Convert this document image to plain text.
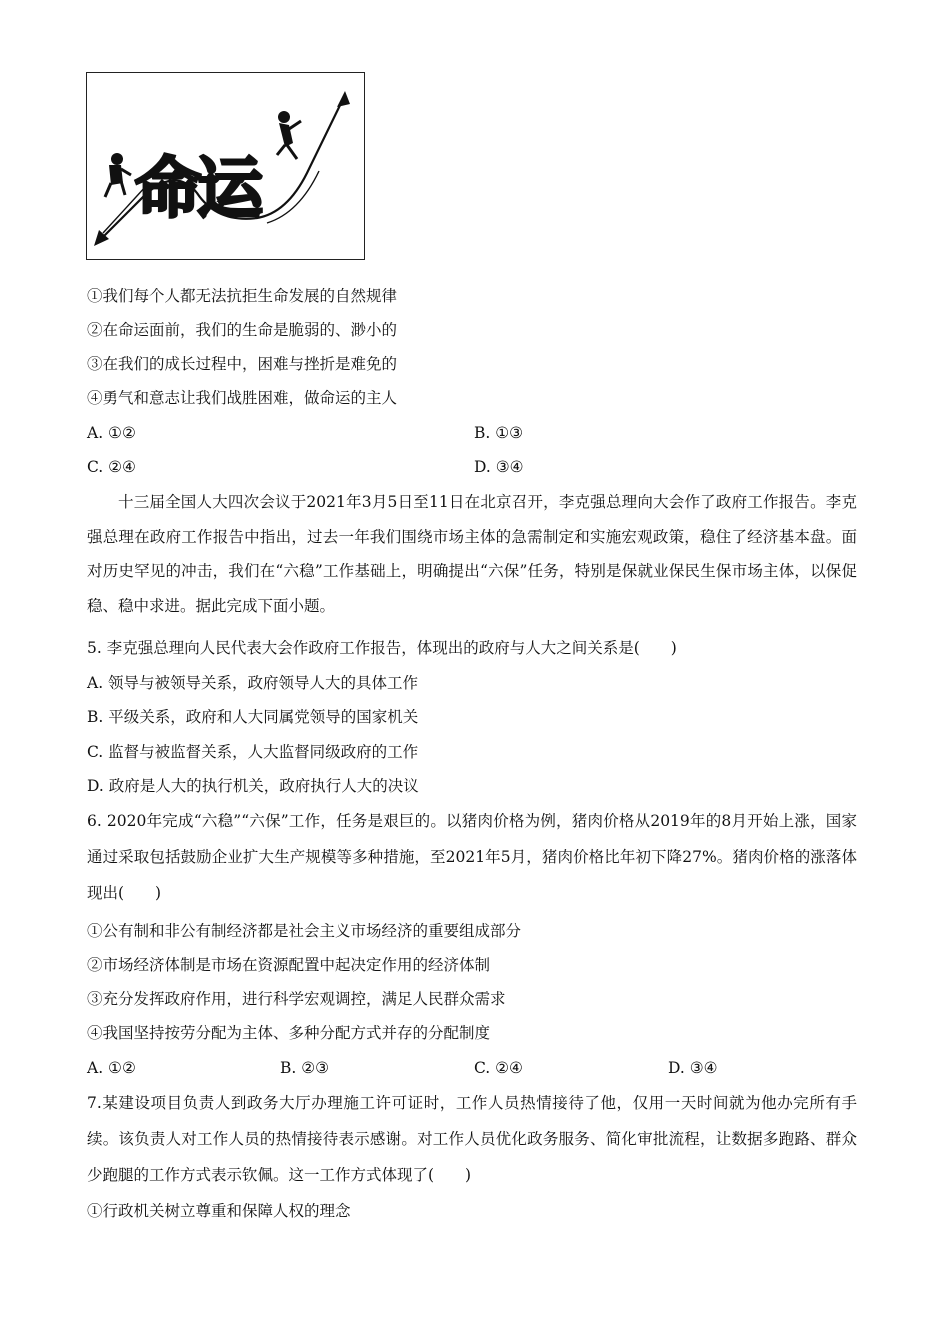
命运
①我们每个人都无法抗拒生命发展的自然规律
②在命运面前，我们的生命是脆弱的、渺小的
③在我们的成长过程中，困难与挫折是难免的
④勇气和意志让我们战胜困难，做命运的主人
A. ①②	B. ①③
C. ②④	D. ③④
十三届全国人大四次会议于2021年3月5日至11日在北京召开，李克强总理向大会作了政府工作报告。李克强总理在政府工作报告中指出，过去一年我们围绕市场主体的急需制定和实施宏观政策，稳住了经济基本盘。面对历史罕见的冲击，我们在“六稳”工作基础上，明确提出“六保”任务，特别是保就业保民生保市场主体，以保促稳、稳中求进。据此完成下面小题。
5. 李克强总理向人民代表大会作政府工作报告，体现出的政府与人大之间关系是(　　)
A. 领导与被领导关系，政府领导人大的具体工作
B. 平级关系，政府和人大同属党领导的国家机关
C. 监督与被监督关系，人大监督同级政府的工作
D. 政府是人大的执行机关，政府执行人大的决议
6. 2020年完成“六稳”“六保”工作，任务是艰巨的。以猪肉价格为例，猪肉价格从2019年的8月开始上涨，国家通过采取包括鼓励企业扩大生产规模等多种措施，至2021年5月，猪肉价格比年初下降27%。猪肉价格的涨落体现出(　　)
①公有制和非公有制经济都是社会主义市场经济的重要组成部分
②市场经济体制是市场在资源配置中起决定作用的经济体制
③充分发挥政府作用，进行科学宏观调控，满足人民群众需求
④我国坚持按劳分配为主体、多种分配方式并存的分配制度
A. ①②	B. ②③	C. ②④	D. ③④
7.某建设项目负责人到政务大厅办理施工许可证时，工作人员热情接待了他，仅用一天时间就为他办完所有手续。该负责人对工作人员的热情接待表示感谢。对工作人员优化政务服务、简化审批流程，让数据多跑路、群众少跑腿的工作方式表示钦佩。这一工作方式体现了(　　)
①行政机关树立尊重和保障人权的理念
